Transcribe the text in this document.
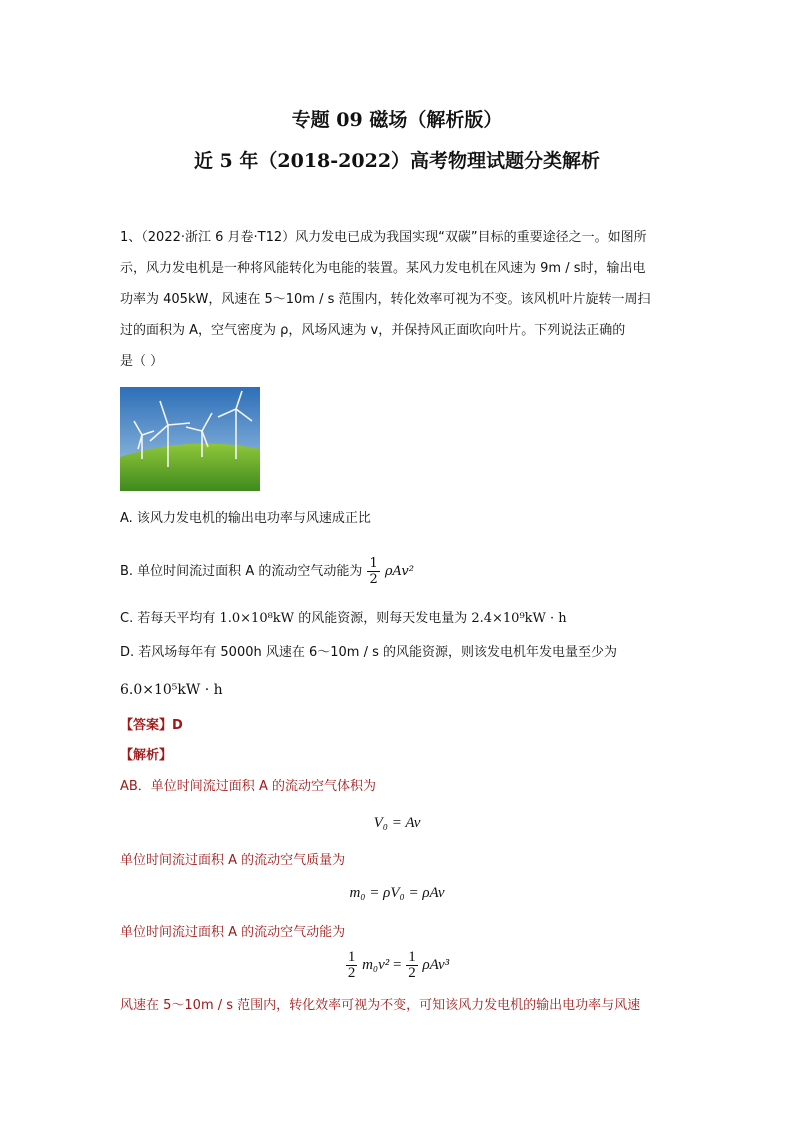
专题 09 磁场（解析版）
近 5 年（2018-2022）高考物理试题分类解析
1、（2022·浙江 6 月卷·T12）风力发电已成为我国实现“双碳”目标的重要途径之一。如图所
示，风力发电机是一种将风能转化为电能的装置。某风力发电机在风速为 9m / s时，输出电
功率为 405kW，风速在 5～10m / s 范围内，转化效率可视为不变。该风机叶片旋转一周扫
过的面积为 A，空气密度为 ρ，风场风速为 v，并保持风正面吹向叶片。下列说法正确的
是（ ）
A. 该风力发电机的输出电功率与风速成正比
B. 单位时间流过面积 A 的流动空气动能为 $\frac{1}{2} \rho Av^2$
C. 若每天平均有 1.0×10⁸kW 的风能资源，则每天发电量为 2.4×10⁹kW · h
D. 若风场每年有 5000h 风速在 6～10m / s 的风能资源，则该发电机年发电量至少为
6.0×10⁵kW · h
【答案】D
【解析】
AB．单位时间流过面积 A 的流动空气体积为
V₀ = Av
单位时间流过面积 A 的流动空气质量为
m₀ = ρV₀ = ρAv
单位时间流过面积 A 的流动空气动能为
$\frac{1}{2} m_0v^2 = \frac{1}{2} \rho Av^3$
风速在 5～10m / s 范围内，转化效率可视为不变，可知该风力发电机的输出电功率与风速
